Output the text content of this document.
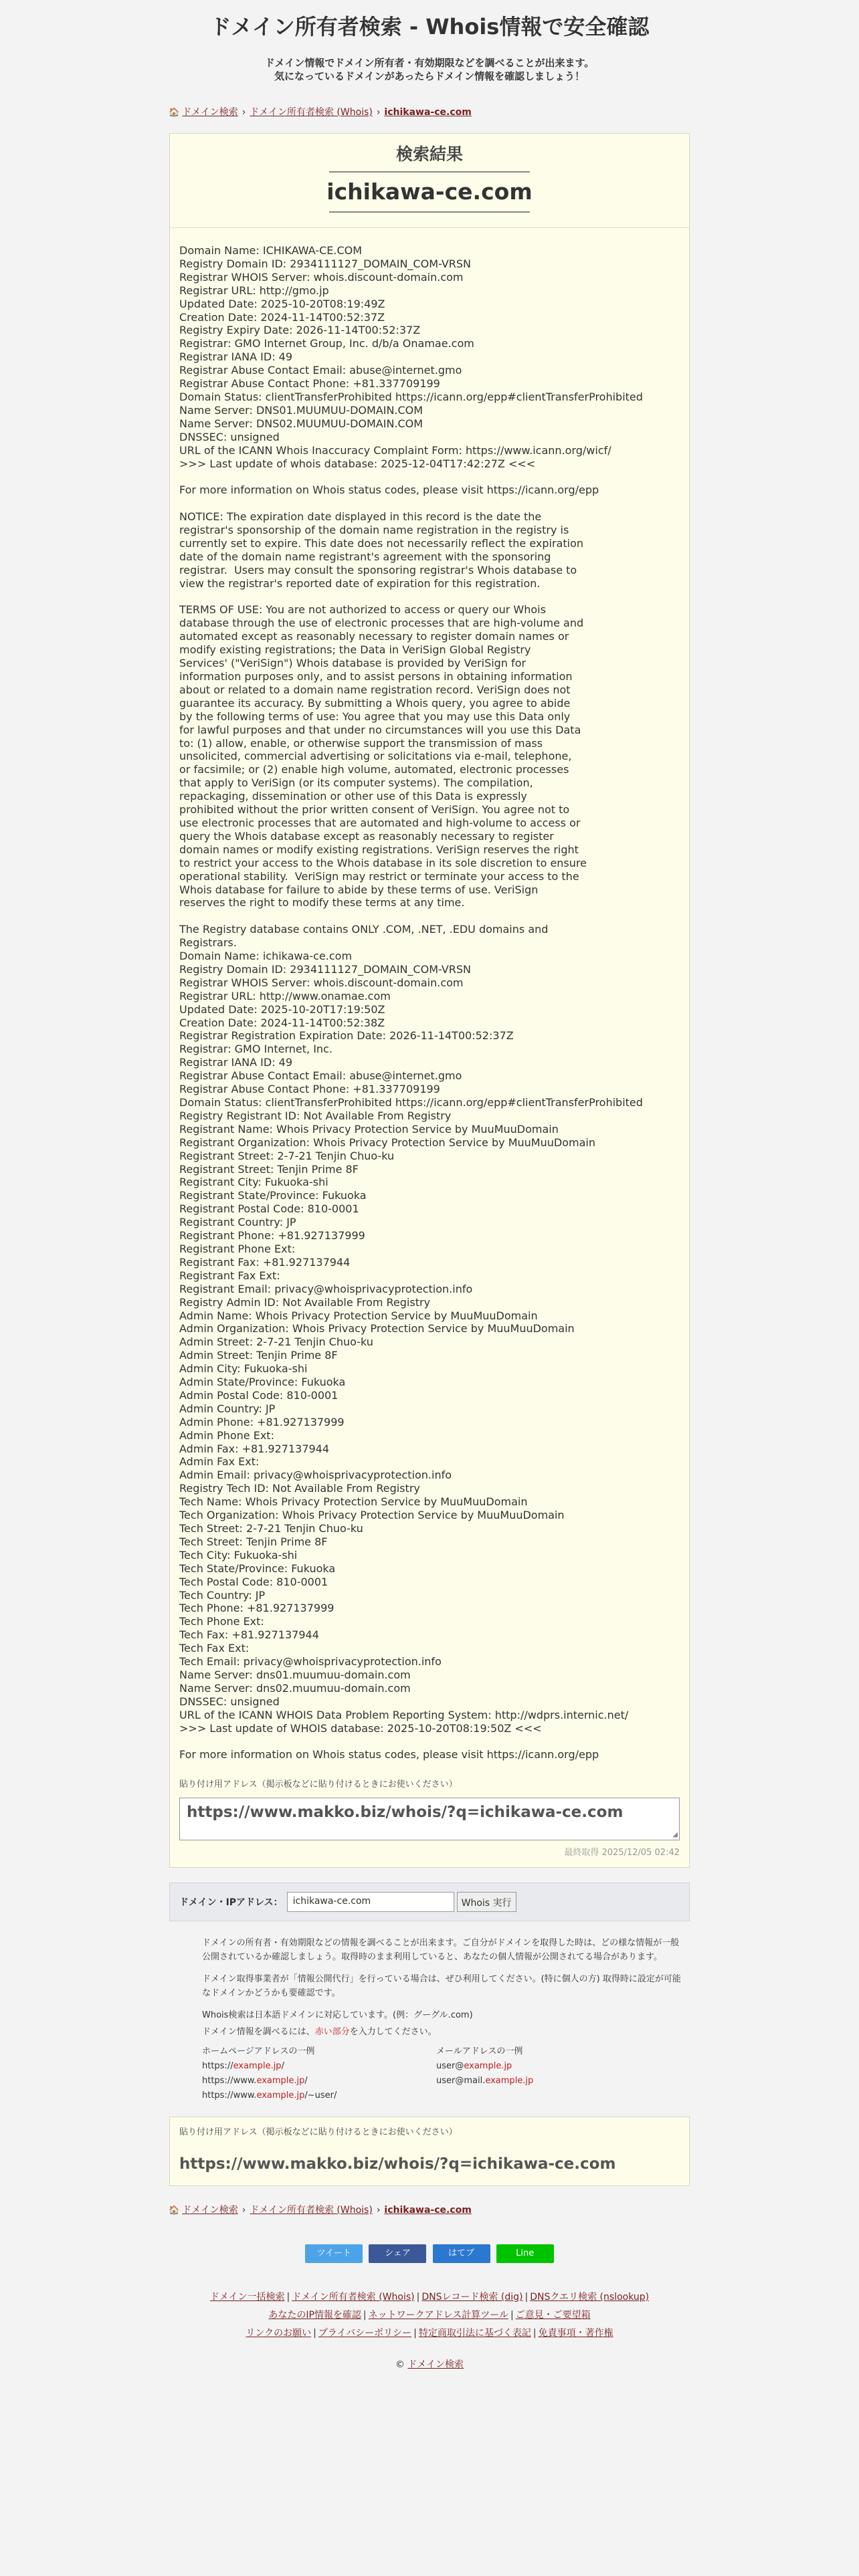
ドメイン所有者検索 - Whois情報で安全確認
ドメイン情報でドメイン所有者・有効期限などを調べることが出来ます。
気になっているドメインがあったらドメイン情報を確認しましょう！
🏠 ドメイン検索 › ドメイン所有者検索 (Whois) › ichikawa-ce.com
検索結果
ichikawa-ce.com
Domain Name: ICHIKAWA-CE.COM
Registry Domain ID: 2934111127_DOMAIN_COM-VRSN
Registrar WHOIS Server: whois.discount-domain.com
Registrar URL: http://gmo.jp
Updated Date: 2025-10-20T08:19:49Z
Creation Date: 2024-11-14T00:52:37Z
Registry Expiry Date: 2026-11-14T00:52:37Z
Registrar: GMO Internet Group, Inc. d/b/a Onamae.com
Registrar IANA ID: 49
Registrar Abuse Contact Email: abuse@internet.gmo
Registrar Abuse Contact Phone: +81.337709199
Domain Status: clientTransferProhibited https://icann.org/epp#clientTransferProhibited
Name Server: DNS01.MUUMUU-DOMAIN.COM
Name Server: DNS02.MUUMUU-DOMAIN.COM
DNSSEC: unsigned
URL of the ICANN Whois Inaccuracy Complaint Form: https://www.icann.org/wicf/
>>> Last update of whois database: 2025-12-04T17:42:27Z <<<

For more information on Whois status codes, please visit https://icann.org/epp

NOTICE: The expiration date displayed in this record is the date the
registrar's sponsorship of the domain name registration in the registry is
currently set to expire. This date does not necessarily reflect the expiration
date of the domain name registrant's agreement with the sponsoring
registrar.  Users may consult the sponsoring registrar's Whois database to
view the registrar's reported date of expiration for this registration.

TERMS OF USE: You are not authorized to access or query our Whois
database through the use of electronic processes that are high-volume and
automated except as reasonably necessary to register domain names or
modify existing registrations; the Data in VeriSign Global Registry
Services' ("VeriSign") Whois database is provided by VeriSign for
information purposes only, and to assist persons in obtaining information
about or related to a domain name registration record. VeriSign does not
guarantee its accuracy. By submitting a Whois query, you agree to abide
by the following terms of use: You agree that you may use this Data only
for lawful purposes and that under no circumstances will you use this Data
to: (1) allow, enable, or otherwise support the transmission of mass
unsolicited, commercial advertising or solicitations via e-mail, telephone,
or facsimile; or (2) enable high volume, automated, electronic processes
that apply to VeriSign (or its computer systems). The compilation,
repackaging, dissemination or other use of this Data is expressly
prohibited without the prior written consent of VeriSign. You agree not to
use electronic processes that are automated and high-volume to access or
query the Whois database except as reasonably necessary to register
domain names or modify existing registrations. VeriSign reserves the right
to restrict your access to the Whois database in its sole discretion to ensure
operational stability.  VeriSign may restrict or terminate your access to the
Whois database for failure to abide by these terms of use. VeriSign
reserves the right to modify these terms at any time.

The Registry database contains ONLY .COM, .NET, .EDU domains and
Registrars.
Domain Name: ichikawa-ce.com
Registry Domain ID: 2934111127_DOMAIN_COM-VRSN
Registrar WHOIS Server: whois.discount-domain.com
Registrar URL: http://www.onamae.com
Updated Date: 2025-10-20T17:19:50Z
Creation Date: 2024-11-14T00:52:38Z
Registrar Registration Expiration Date: 2026-11-14T00:52:37Z
Registrar: GMO Internet, Inc.
Registrar IANA ID: 49
Registrar Abuse Contact Email: abuse@internet.gmo
Registrar Abuse Contact Phone: +81.337709199
Domain Status: clientTransferProhibited https://icann.org/epp#clientTransferProhibited
Registry Registrant ID: Not Available From Registry
Registrant Name: Whois Privacy Protection Service by MuuMuuDomain
Registrant Organization: Whois Privacy Protection Service by MuuMuuDomain
Registrant Street: 2-7-21 Tenjin Chuo-ku
Registrant Street: Tenjin Prime 8F
Registrant City: Fukuoka-shi
Registrant State/Province: Fukuoka
Registrant Postal Code: 810-0001
Registrant Country: JP
Registrant Phone: +81.927137999
Registrant Phone Ext:
Registrant Fax: +81.927137944
Registrant Fax Ext:
Registrant Email: privacy@whoisprivacyprotection.info
Registry Admin ID: Not Available From Registry
Admin Name: Whois Privacy Protection Service by MuuMuuDomain
Admin Organization: Whois Privacy Protection Service by MuuMuuDomain
Admin Street: 2-7-21 Tenjin Chuo-ku
Admin Street: Tenjin Prime 8F
Admin City: Fukuoka-shi
Admin State/Province: Fukuoka
Admin Postal Code: 810-0001
Admin Country: JP
Admin Phone: +81.927137999
Admin Phone Ext:
Admin Fax: +81.927137944
Admin Fax Ext:
Admin Email: privacy@whoisprivacyprotection.info
Registry Tech ID: Not Available From Registry
Tech Name: Whois Privacy Protection Service by MuuMuuDomain
Tech Organization: Whois Privacy Protection Service by MuuMuuDomain
Tech Street: 2-7-21 Tenjin Chuo-ku
Tech Street: Tenjin Prime 8F
Tech City: Fukuoka-shi
Tech State/Province: Fukuoka
Tech Postal Code: 810-0001
Tech Country: JP
Tech Phone: +81.927137999
Tech Phone Ext:
Tech Fax: +81.927137944
Tech Fax Ext:
Tech Email: privacy@whoisprivacyprotection.info
Name Server: dns01.muumuu-domain.com
Name Server: dns02.muumuu-domain.com
DNSSEC: unsigned
URL of the ICANN WHOIS Data Problem Reporting System: http://wdprs.internic.net/
>>> Last update of WHOIS database: 2025-10-20T08:19:50Z <<<

For more information on Whois status codes, please visit https://icann.org/epp
貼り付け用アドレス（掲示板などに貼り付けるときにお使いください）
https://www.makko.biz/whois/?q=ichikawa-ce.com
◢
最終取得 2025/12/05 02:42
ドメイン・IPアドレス：	ichikawa-ce.com	Whois 実行

ドメインの所有者・有効期限などの情報を調べることが出来ます。ご自分がドメインを取得した時は、どの様な情報が一般公開されているか確認しましょう。取得時のまま利用していると、あなたの個人情報が公開されてる場合があります。

ドメイン取得事業者が「情報公開代行」を行っている場合は、ぜひ利用してください。(特に個人の方) 取得時に設定が可能なドメインかどうかも要確認です。

Whois検索は日本語ドメインに対応しています。(例：グーグル.com)

ドメイン情報を調べるには、赤い部分を入力してください。

ホームページアドレスの一例
https://example.jp/
https://www.example.jp/
https://www.example.jp/~user/
メールアドレスの一例
user@example.jp
user@mail.example.jp
貼り付け用アドレス（掲示板などに貼り付けるときにお使いください）
https://www.makko.biz/whois/?q=ichikawa-ce.com
🏠 ドメイン検索 › ドメイン所有者検索 (Whois) › ichikawa-ce.com
ツイート	シェア	はてブ	Line
ドメイン一括検索 | ドメイン所有者検索 (Whois) | DNSレコード検索 (dig) | DNSクエリ検索 (nslookup)
あなたのIP情報を確認 | ネットワークアドレス計算ツール | ご意見・ご要望箱
リンクのお願い | プライバシーポリシー | 特定商取引法に基づく表記 | 免責事項・著作権
© ドメイン検索
